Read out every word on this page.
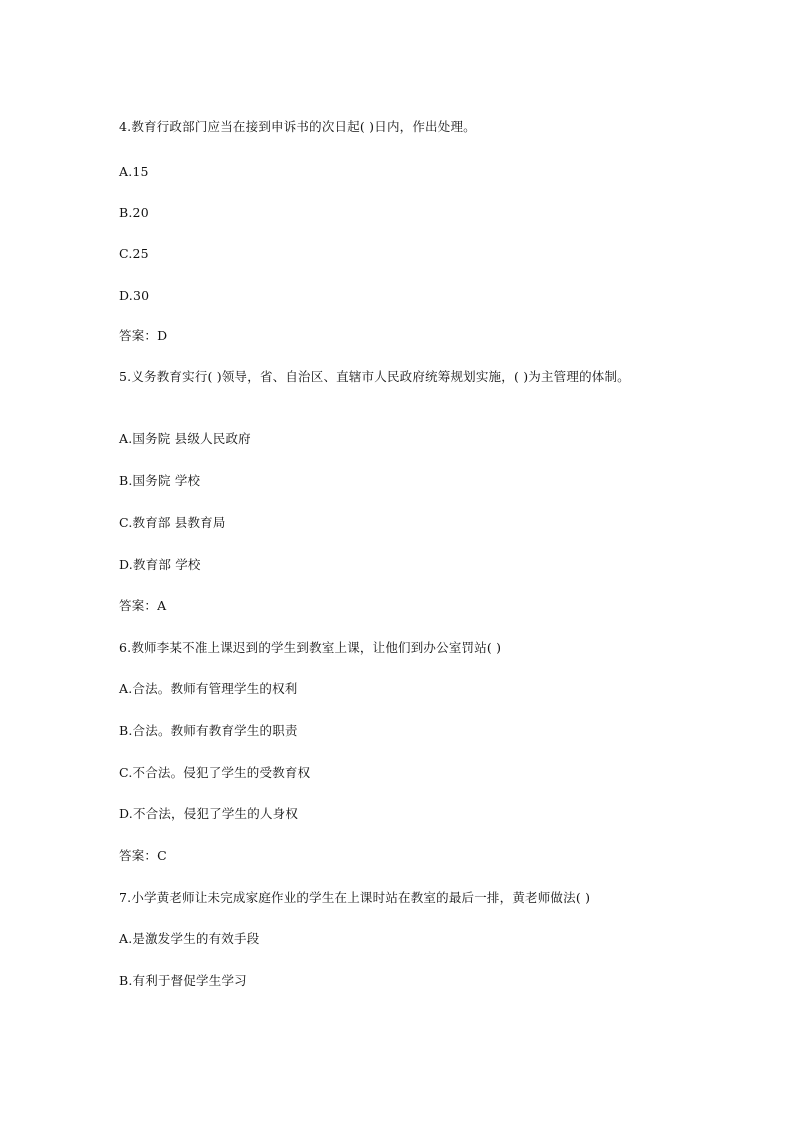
4.教育行政部门应当在接到申诉书的次日起( )日内，作出处理。
A.15
B.20
C.25
D.30
答案：D
5.义务教育实行( )领导，省、自治区、直辖市人民政府统筹规划实施，( )为主管理的体制。
A.国务院 县级人民政府
B.国务院 学校
C.教育部 县教育局
D.教育部 学校
答案：A
6.教师李某不准上课迟到的学生到教室上课，让他们到办公室罚站( )
A.合法。教师有管理学生的权利
B.合法。教师有教育学生的职责
C.不合法。侵犯了学生的受教育权
D.不合法，侵犯了学生的人身权
答案：C
7.小学黄老师让未完成家庭作业的学生在上课时站在教室的最后一排，黄老师做法( )
A.是激发学生的有效手段
B.有利于督促学生学习
